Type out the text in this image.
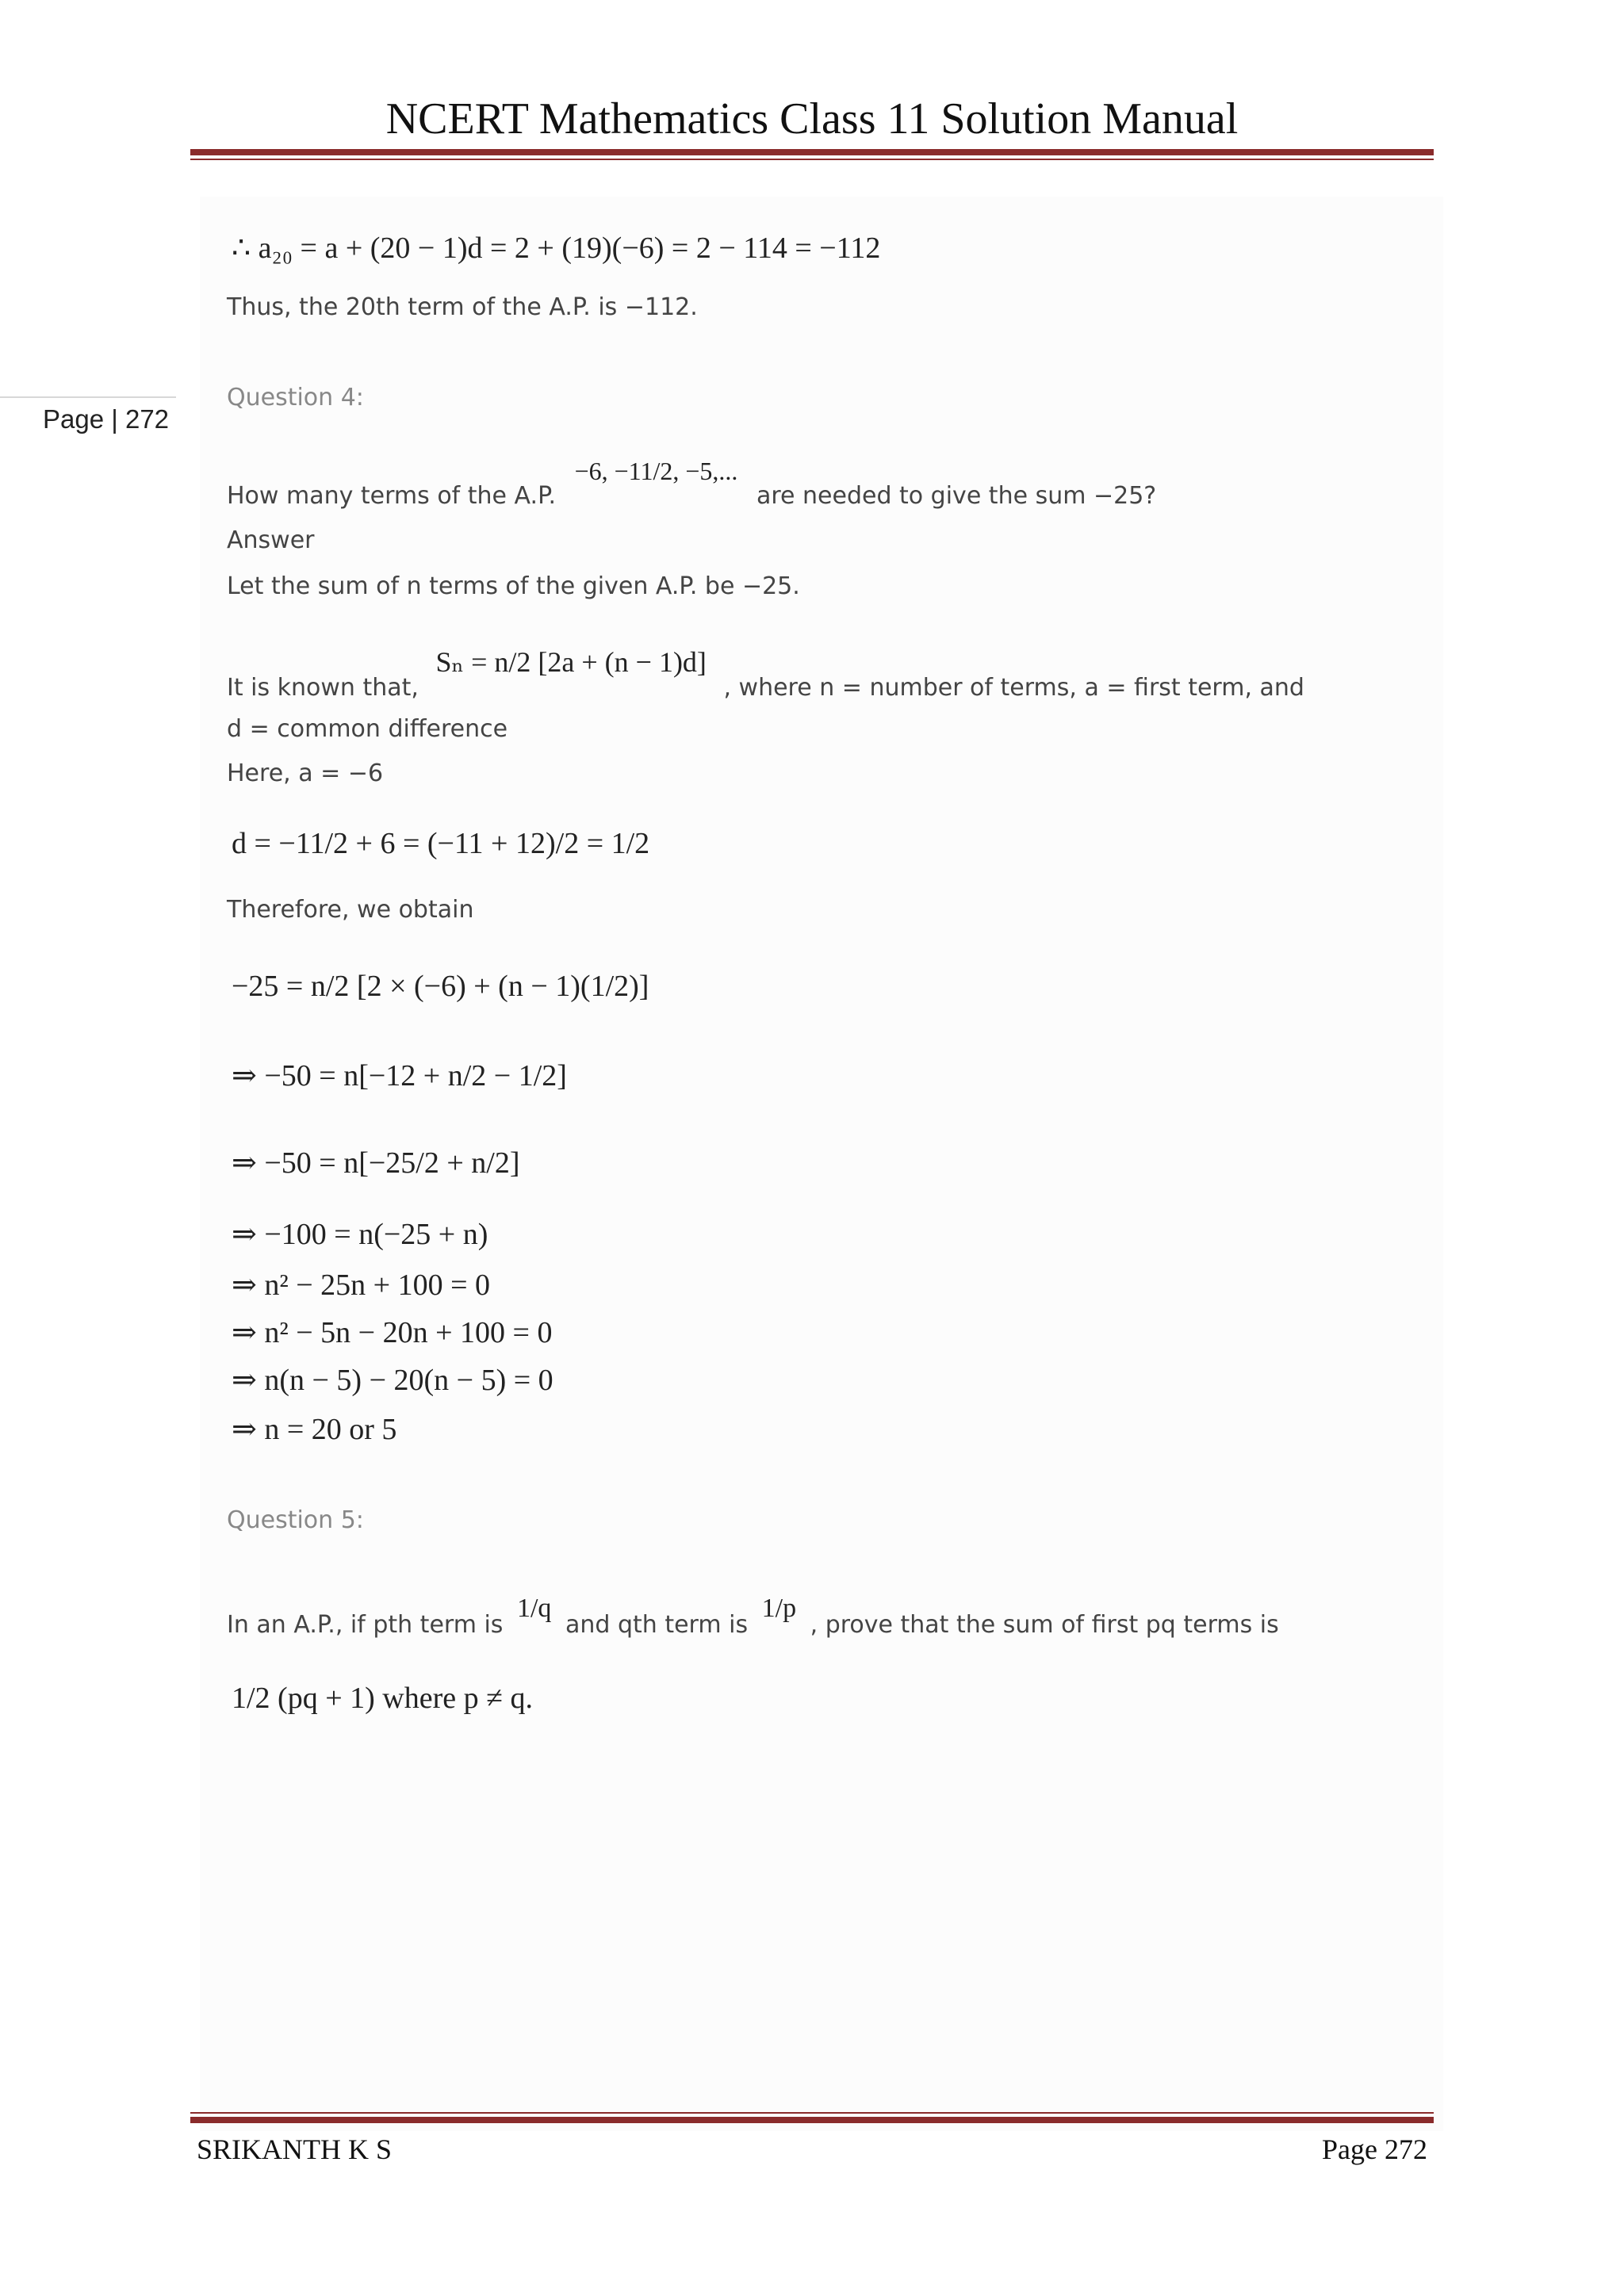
NCERT Mathematics Class 11 Solution Manual
Page | 272
∴ a₂₀ = a + (20 − 1)d = 2 + (19)(−6) = 2 − 114 = −112
Thus, the 20th term of the A.P. is −112.
Question 4:
How many terms of the A.P. −6, −11/2, −5,... are needed to give the sum −25?
Answer
Let the sum of n terms of the given A.P. be −25.
It is known that, Sₙ = n/2 [2a + (n − 1)d] , where n = number of terms, a = first term, and
d = common difference
Here, a = −6
d = −11/2 + 6 = (−11 + 12)/2 = 1/2
Therefore, we obtain
−25 = n/2 [2 × (−6) + (n − 1)(1/2)]
⇒ −50 = n[−12 + n/2 − 1/2]
⇒ −50 = n[−25/2 + n/2]
⇒ −100 = n(−25 + n)
⇒ n² − 25n + 100 = 0
⇒ n² − 5n − 20n + 100 = 0
⇒ n(n − 5) − 20(n − 5) = 0
⇒ n = 20 or 5
Question 5:
In an A.P., if pth term is 1/q and qth term is 1/p , prove that the sum of first pq terms is
1/2 (pq + 1) where p ≠ q.
SRIKANTH K S	Page 272
